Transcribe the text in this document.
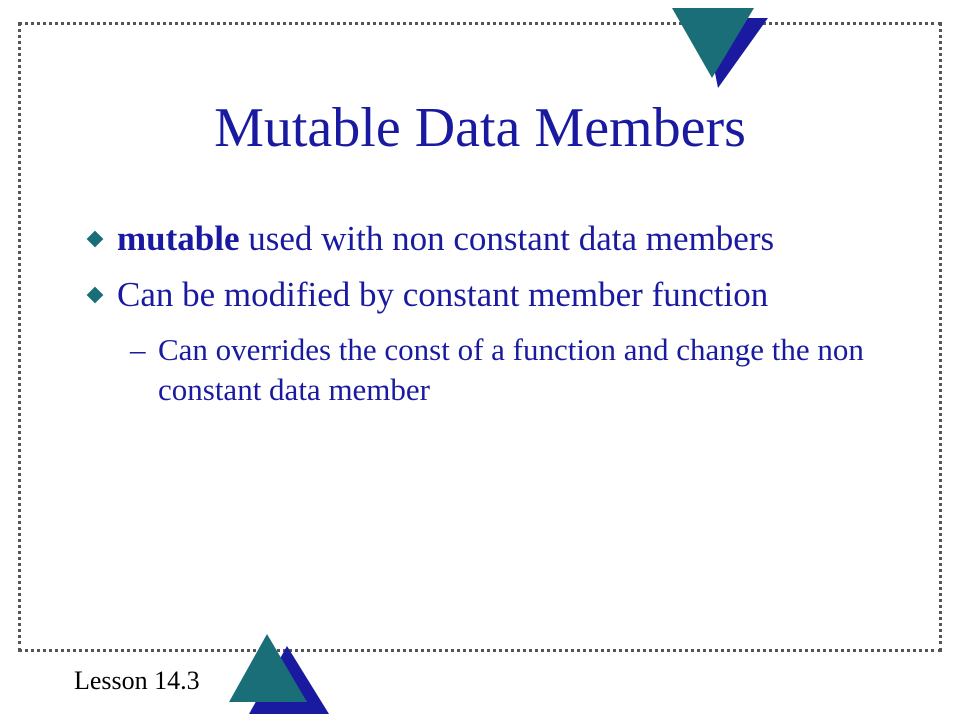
Mutable Data Members
mutable used with non constant data members
Can be modified by constant member function
– Can overrides the const of a function and change the non constant data member
Lesson 14.3
